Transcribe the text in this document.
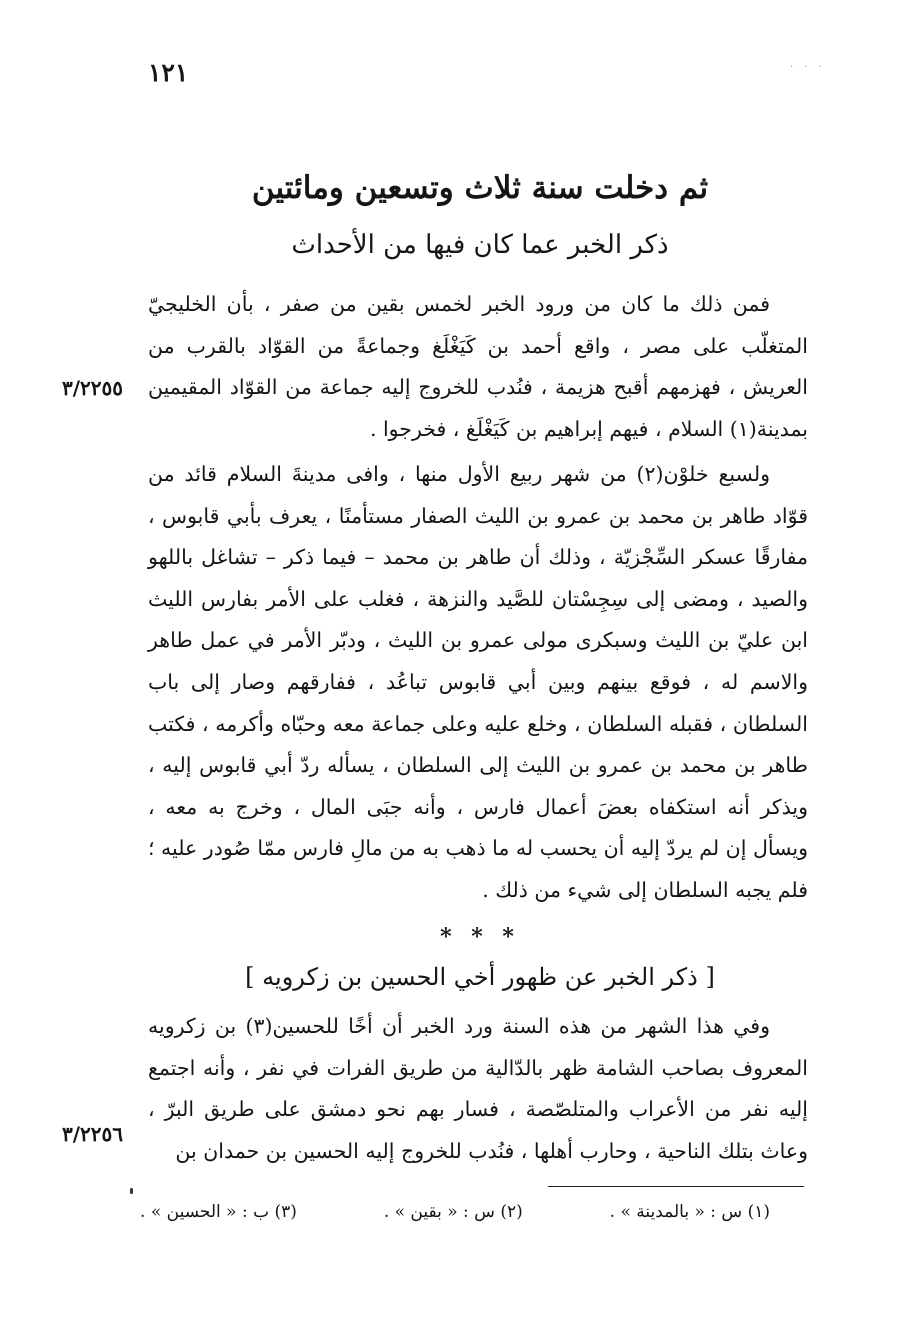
· · ·
١٢١
ثم دخلت سنة ثلاث وتسعين ومائتين
ذكر الخبر عما كان فيها من الأحداث

فمن ذلك ما كان من ورود الخبر لخمس بقين من صفر ، بأن الخليجيّ المتغلّب على مصر ، واقع أحمد بن كَيَغْلَغ وجماعةً من القوّاد بالقرب من العريش ، فهزمهم أقبح هزيمة ، فنُدب للخروج إليه جماعة من القوّاد المقيمين بمدينة(١) السلام ، فيهم إبراهيم بن كَيَغْلَغ ، فخرجوا .

٣/٢٢٥٥

ولسبع خلوْن(٢) من شهر ربيع الأول منها ، وافى مدينةَ السلام قائد من قوّاد طاهر بن محمد بن عمرو بن الليث الصفار مستأمنًا ، يعرف بأبي قابوس ، مفارقًا عسكر السِّجْزيّة ، وذلك أن طاهر بن محمد – فيما ذكر – تشاغل باللهو والصيد ، ومضى إلى سِجِسْتان للصَّيد والنزهة ، فغلب على الأمر بفارس الليث ابن عليّ بن الليث وسبكرى مولى عمرو بن الليث ، ودبّر الأمر في عمل طاهر والاسم له ، فوقع بينهم وبين أبي قابوس تباعُد ، ففارقهم وصار إلى باب السلطان ، فقبله السلطان ، وخلع عليه وعلى جماعة معه وحبّاه وأكرمه ، فكتب طاهر بن محمد بن عمرو بن الليث إلى السلطان ، يسأله ردّ أبي قابوس إليه ، ويذكر أنه استكفاه بعضَ أعمال فارس ، وأنه جبَى المال ، وخرج به معه ، ويسأل إن لم يردّ إليه أن يحسب له ما ذهب به من مالِ فارس ممّا صُودر عليه ؛ فلم يجبه السلطان إلى شيء من ذلك .

* * *
[ ذكر الخبر عن ظهور أخي الحسين بن زكرويه ]

وفي هذا الشهر من هذه السنة ورد الخبر أن أخًا للحسين(٣) بن زكرويه المعروف بصاحب الشامة ظهر بالدّالية من طريق الفرات في نفر ، وأنه اجتمع إليه نفر من الأعراب والمتلصّصة ، فسار بهم نحو دمشق على طريق البرّ ، وعاث بتلك الناحية ، وحارب أهلها ، فنُدب للخروج إليه الحسين بن حمدان بن

٣/٢٢٥٦
(١) س : « بالمدينة » .
(٢) س : « بقين » .
(٣) ب : « الحسين » .
